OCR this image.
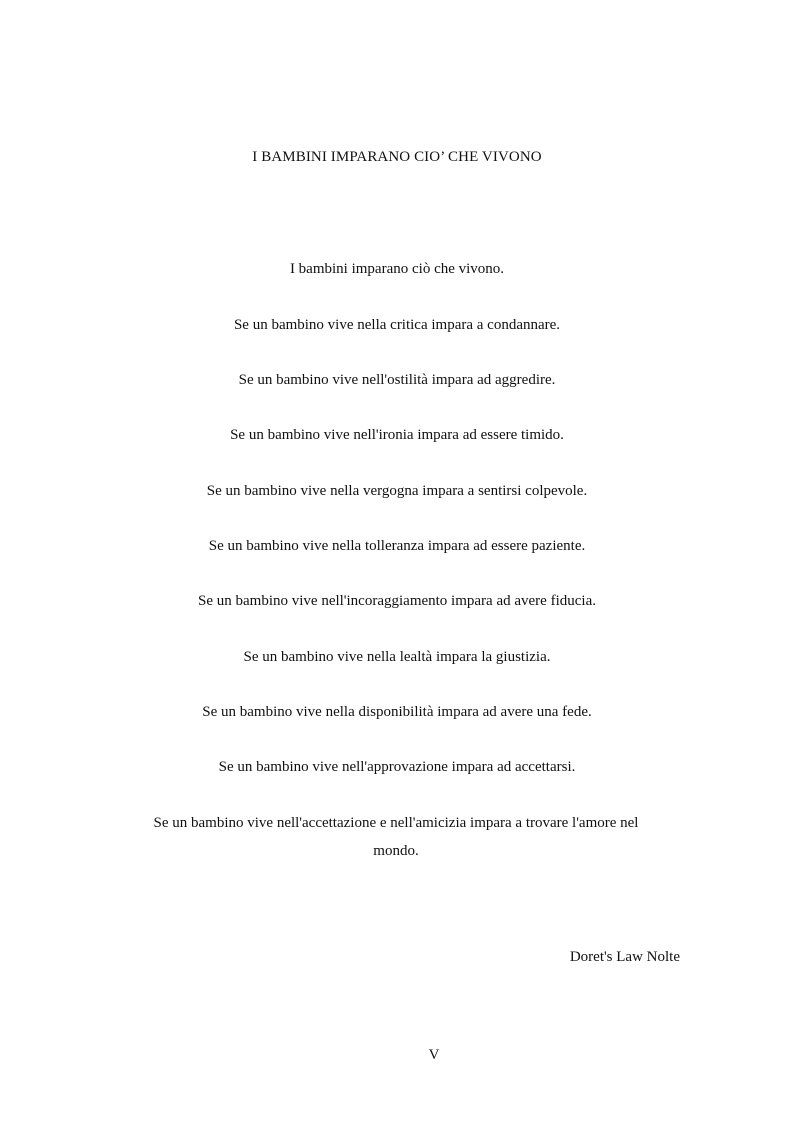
I BAMBINI IMPARANO CIO’ CHE VIVONO
I bambini imparano ciò che vivono.
Se un bambino vive nella critica impara a condannare.
Se un bambino vive nell'ostilità impara ad aggredire.
Se un bambino vive nell'ironia impara ad essere timido.
Se un bambino vive nella vergogna impara a sentirsi colpevole.
Se un bambino vive nella tolleranza impara ad essere paziente.
Se un bambino vive nell'incoraggiamento impara ad avere fiducia.
Se un bambino vive nella lealtà impara la giustizia.
Se un bambino vive nella disponibilità impara ad avere una fede.
Se un bambino vive nell'approvazione impara ad accettarsi.
Se un bambino vive nell'accettazione e nell'amicizia impara a trovare l'amore nel mondo.
Doret's Law Nolte
V
